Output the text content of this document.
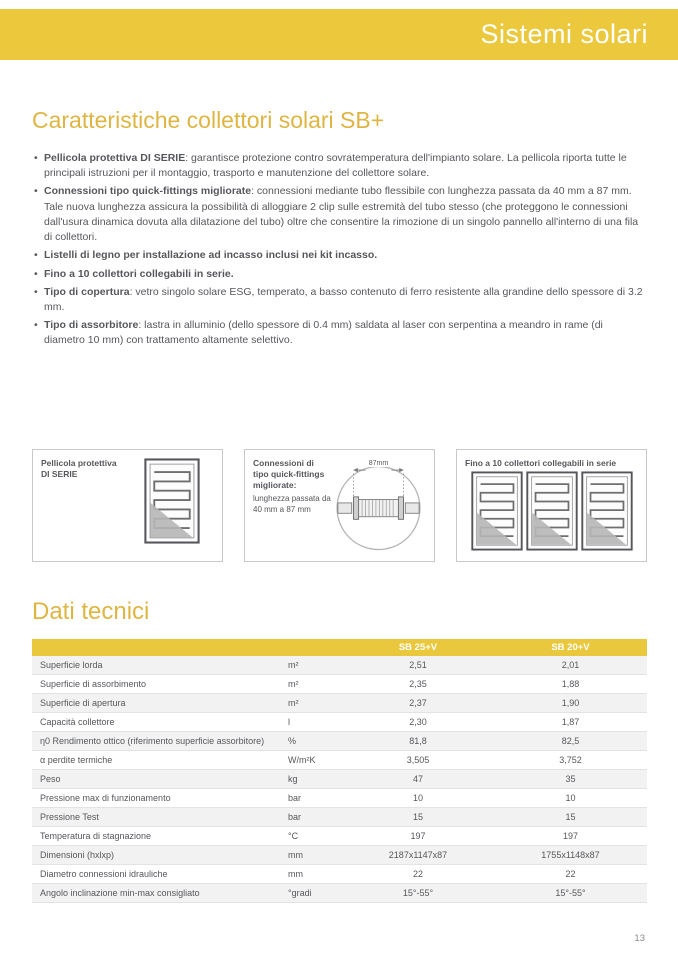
Sistemi solari
Caratteristiche collettori solari SB+
• Pellicola protettiva DI SERIE: garantisce protezione contro sovratemperatura dell'impianto solare. La pellicola riporta tutte le principali istruzioni per il montaggio, trasporto e manutenzione del collettore solare.
• Connessioni tipo quick-fittings migliorate: connessioni mediante tubo flessibile con lunghezza passata da 40 mm a 87 mm. Tale nuova lunghezza assicura la possibilità di alloggiare 2 clip sulle estremità del tubo stesso (che proteggono le connessioni dall'usura dinamica dovuta alla dilatazione del tubo) oltre che consentire la rimozione di un singolo pannello all'interno di una fila di collettori.
• Listelli di legno per installazione ad incasso inclusi nei kit incasso.
• Fino a 10 collettori collegabili in serie.
• Tipo di copertura: vetro singolo solare ESG, temperato, a basso contenuto di ferro resistente alla grandine dello spessore di 3.2 mm.
• Tipo di assorbitore: lastra in alluminio (dello spessore di 0.4 mm) saldata al laser con serpentina a meandro in rame (di diametro 10 mm) con trattamento altamente selettivo.
Pellicola protettiva
DI SERIE
Connessioni di tipo quick-fittings migliorate:
lunghezza passata da 40 mm a 87 mm
87mm	Fino a 10 collettori collegabili in serie
Dati tecnici
		SB 25+V	SB 20+V
Superficie lorda	m²	2,51	2,01
Superficie di assorbimento	m²	2,35	1,88
Superficie di apertura	m²	2,37	1,90
Capacità collettore	l	2,30	1,87
η0 Rendimento ottico (riferimento superficie assorbitore)	%	81,8	82,5
α perdite termiche	W/m²K	3,505	3,752
Peso	kg	47	35
Pressione max di funzionamento	bar	10	10
Pressione Test	bar	15	15
Temperatura di stagnazione	°C	197	197
Dimensioni (hxlxp)	mm	2187x1147x87	1755x1148x87
Diametro connessioni idrauliche	mm	22	22
Angolo inclinazione min-max consigliato	°gradi	15°-55°	15°-55°
13
